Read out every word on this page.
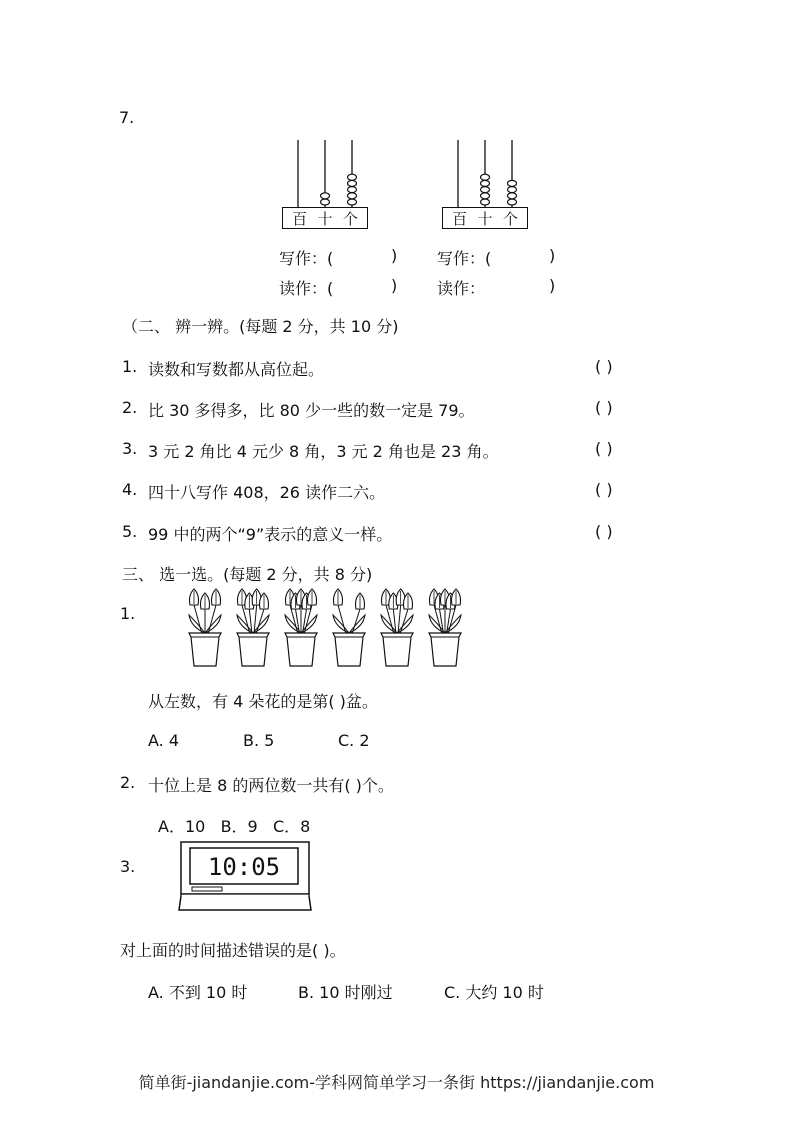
7.
百 十 个	百 十 个
写作：(	)
读作：(	)
写作：(	)
读作：	)
（二、 辨一辨。(每题 2 分，共 10 分)
1. 读数和写数都从高位起。	( )
2. 比 30 多得多，比 80 少一些的数一定是 79。	( )
3. 3 元 2 角比 4 元少 8 角，3 元 2 角也是 23 角。	( )
4. 四十八写作 408，26 读作二六。	( )
5. 99 中的两个“9”表示的意义一样。	( )
三、 选一选。(每题 2 分，共 8 分)
1.
从左数，有 4 朵花的是第( )盆。
A. 4	B. 5	C. 2
2. 十位上是 8 的两位数一共有( )个。
A．10   B．9   C．8
3.	10:05
对上面的时间描述错误的是( )。
A. 不到 10 时	B. 10 时刚过	C. 大约 10 时
简单街-jiandanjie.com-学科网简单学习一条街 https://jiandanjie.com
